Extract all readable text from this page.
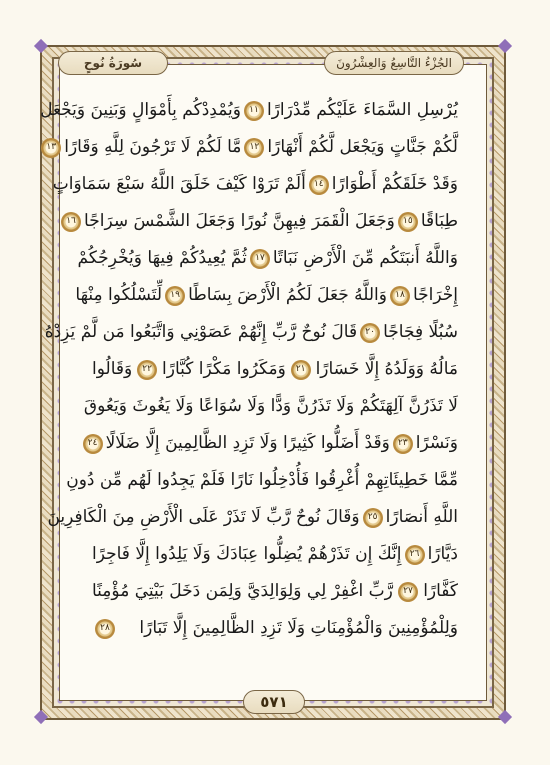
الجُزْءُ التَّاسِعُ وَالعِشْرُونَ
سُورَةُ نُوحٍ
يُرْسِلِ السَّمَاءَ عَلَيْكُم مِّدْرَارًا
١١
وَيُمْدِدْكُم بِأَمْوَالٍ وَبَنِينَ وَيَجْعَل
لَّكُمْ جَنَّاتٍ وَيَجْعَل لَّكُمْ أَنْهَارًا
١٢
مَّا لَكُمْ لَا تَرْجُونَ لِلَّهِ وَقَارًا
١٣
وَقَدْ خَلَقَكُمْ أَطْوَارًا
١٤
أَلَمْ تَرَوْا كَيْفَ خَلَقَ اللَّهُ سَبْعَ سَمَاوَاتٍ
طِبَاقًا
١٥
وَجَعَلَ الْقَمَرَ فِيهِنَّ نُورًا وَجَعَلَ الشَّمْسَ سِرَاجًا
١٦
وَاللَّهُ أَنبَتَكُم مِّنَ الْأَرْضِ نَبَاتًا
١٧
ثُمَّ يُعِيدُكُمْ فِيهَا وَيُخْرِجُكُمْ
إِخْرَاجًا
١٨
وَاللَّهُ جَعَلَ لَكُمُ الْأَرْضَ بِسَاطًا
١٩
لِّتَسْلُكُوا مِنْهَا
سُبُلًا فِجَاجًا
٢٠
قَالَ نُوحٌ رَّبِّ إِنَّهُمْ عَصَوْنِي وَاتَّبَعُوا مَن لَّمْ يَزِدْهُ
مَالُهُ وَوَلَدُهُ إِلَّا خَسَارًا
٢١
وَمَكَرُوا مَكْرًا كُبَّارًا
٢٢
وَقَالُوا
لَا تَذَرُنَّ آلِهَتَكُمْ وَلَا تَذَرُنَّ وَدًّا وَلَا سُوَاعًا وَلَا يَغُوثَ وَيَعُوقَ
وَنَسْرًا
٢٣
وَقَدْ أَضَلُّوا كَثِيرًا وَلَا تَزِدِ الظَّالِمِينَ إِلَّا ضَلَالًا
٢٤
مِّمَّا خَطِيئَاتِهِمْ أُغْرِقُوا فَأُدْخِلُوا نَارًا فَلَمْ يَجِدُوا لَهُم مِّن دُونِ
اللَّهِ أَنصَارًا
٢٥
وَقَالَ نُوحٌ رَّبِّ لَا تَذَرْ عَلَى الْأَرْضِ مِنَ الْكَافِرِينَ
دَيَّارًا
٢٦
إِنَّكَ إِن تَذَرْهُمْ يُضِلُّوا عِبَادَكَ وَلَا يَلِدُوا إِلَّا فَاجِرًا
كَفَّارًا
٢٧
رَّبِّ اغْفِرْ لِي وَلِوَالِدَيَّ وَلِمَن دَخَلَ بَيْتِيَ مُؤْمِنًا
وَلِلْمُؤْمِنِينَ وَالْمُؤْمِنَاتِ وَلَا تَزِدِ الظَّالِمِينَ إِلَّا تَبَارًا
٢٨
٥٧١
